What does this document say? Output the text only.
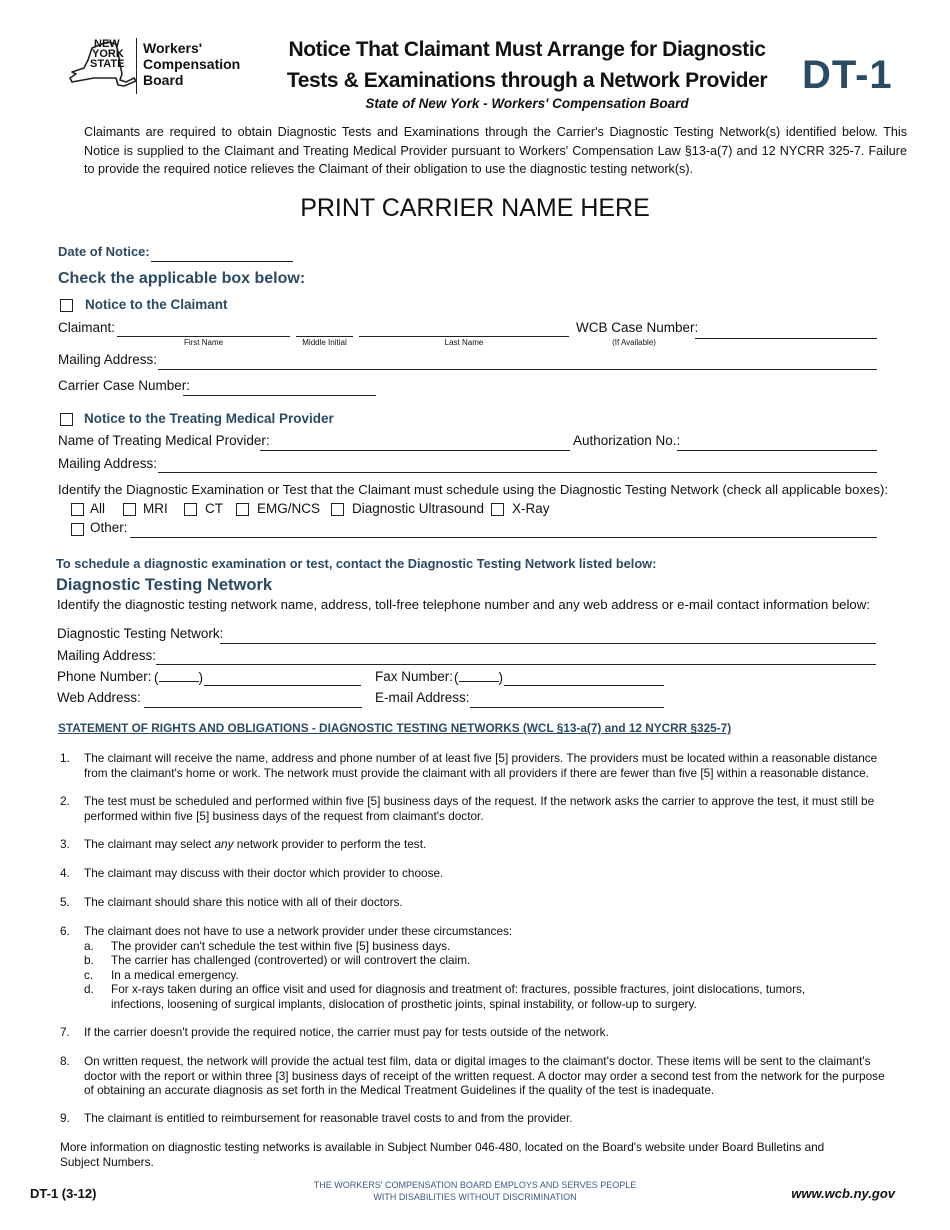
NEW
YORK
STATE
Workers'
Compensation
Board
Notice That Claimant Must Arrange for Diagnostic
Tests & Examinations through a Network Provider
State of New York - Workers' Compensation Board
DT-1
Claimants are required to obtain Diagnostic Tests and Examinations through the Carrier's Diagnostic Testing Network(s) identified below. This Notice is supplied to the Claimant and Treating Medical Provider pursuant to Workers' Compensation Law §13-a(7) and 12 NYCRR 325-7. Failure to provide the required notice relieves the Claimant of their obligation to use the diagnostic testing network(s).
PRINT CARRIER NAME HERE
Date of Notice:
Check the applicable box below:
Notice to the Claimant
Claimant:
First Name	Middle Initial	Last Name
WCB Case Number:
(If Available)
Mailing Address:
Carrier Case Number:
Notice to the Treating Medical Provider
Name of Treating Medical Provider:	Authorization No.:
Mailing Address:
Identify the Diagnostic Examination or Test that the Claimant must schedule using the Diagnostic Testing Network (check all applicable boxes):
All	MRI	CT	EMG/NCS Diagnostic Ultrasound X-Ray
Other:
To schedule a diagnostic examination or test, contact the Diagnostic Testing Network listed below:
Diagnostic Testing Network
Identify the diagnostic testing network name, address, toll-free telephone number and any web address or e-mail contact information below:
Diagnostic Testing Network:
Mailing Address:
Phone Number: (	)	Fax Number: (	)
Web Address:	E-mail Address:
STATEMENT OF RIGHTS AND OBLIGATIONS - DIAGNOSTIC TESTING NETWORKS (WCL §13-a(7) and 12 NYCRR §325-7)
1. The claimant will receive the name, address and phone number of at least five [5] providers. The providers must be located within a reasonable distance from the claimant's home or work. The network must provide the claimant with all providers if there are fewer than five [5] within a reasonable distance.
2. The test must be scheduled and performed within five [5] business days of the request. If the network asks the carrier to approve the test, it must still be performed within five [5] business days of the request from claimant's doctor.
3. The claimant may select any network provider to perform the test.
4. The claimant may discuss with their doctor which provider to choose.
5. The claimant should share this notice with all of their doctors.
6. The claimant does not have to use a network provider under these circumstances:
a. The provider can't schedule the test within five [5] business days.
b. The carrier has challenged (controverted) or will controvert the claim.
c. In a medical emergency.
d. For x-rays taken during an office visit and used for diagnosis and treatment of: fractures, possible fractures, joint dislocations, tumors, infections, loosening of surgical implants, dislocation of prosthetic joints, spinal instability, or follow-up to surgery.
7. If the carrier doesn't provide the required notice, the carrier must pay for tests outside of the network.
8. On written request, the network will provide the actual test film, data or digital images to the claimant's doctor. These items will be sent to the claimant's doctor with the report or within three [3] business days of receipt of the written request. A doctor may order a second test from the network for the purpose of obtaining an accurate diagnosis as set forth in the Medical Treatment Guidelines if the quality of the test is inadequate.
9. The claimant is entitled to reimbursement for reasonable travel costs to and from the provider.
More information on diagnostic testing networks is available in Subject Number 046-480, located on the Board's website under Board Bulletins and Subject Numbers.
DT-1 (3-12)
THE WORKERS' COMPENSATION BOARD EMPLOYS AND SERVES PEOPLE
WITH DISABILITIES WITHOUT DISCRIMINATION	www.wcb.ny.gov
